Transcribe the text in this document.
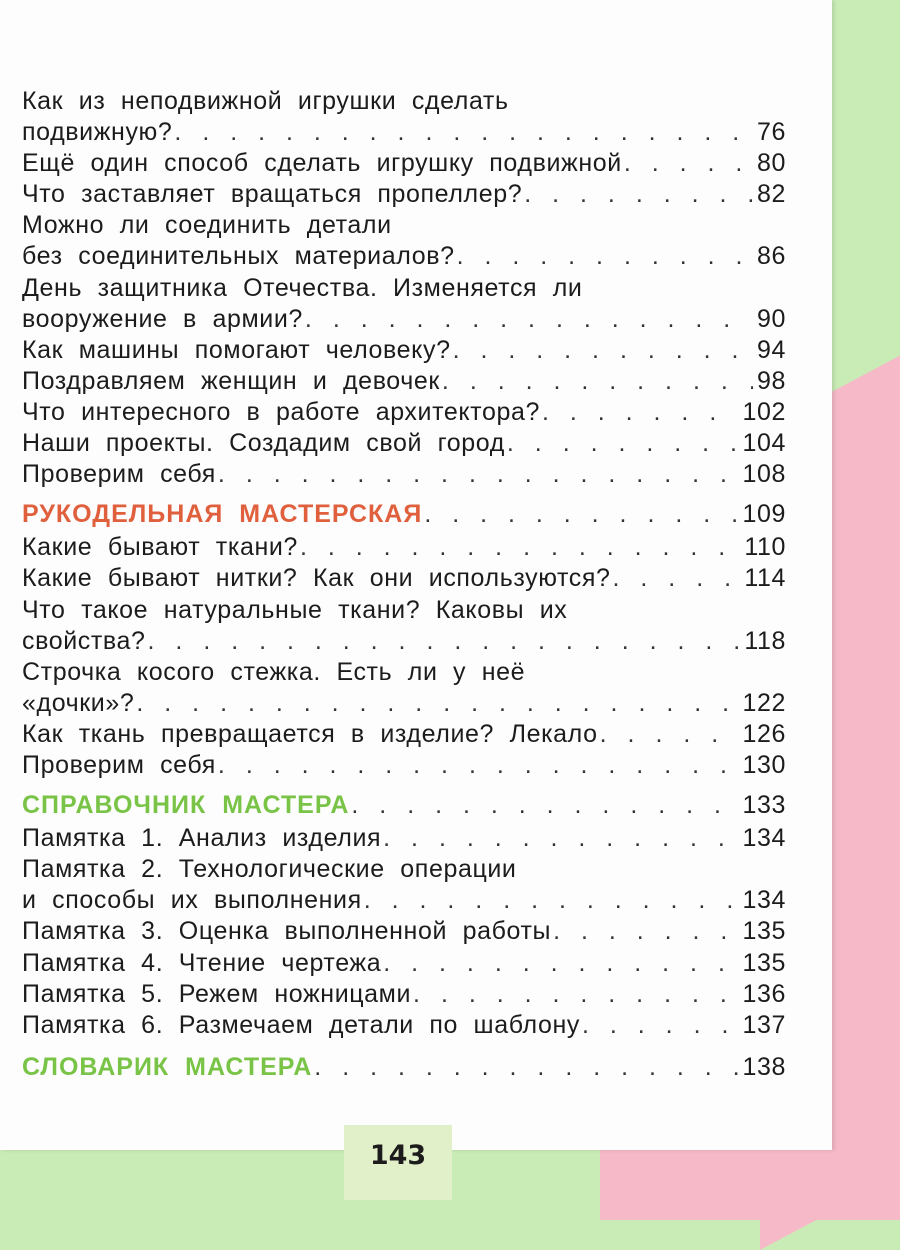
Как из неподвижной игрушки сделать
подвижную? . . .	76
Ещё один способ сделать игрушку подвижной . . .	80
Что заставляет вращаться пропеллер? . . .	82
Можно ли соединить детали
без соединительных материалов? . . .	86
День защитника Отечества. Изменяется ли
вооружение в армии? . . .	90
Как машины помогают человеку? . . .	94
Поздравляем женщин и девочек . . .	98
Что интересного в работе архитектора? . . .	102
Наши проекты. Создадим свой город . . .	104
Проверим себя . . .	108
РУКОДЕЛЬНАЯ МАСТЕРСКАЯ . . .	109
Какие бывают ткани? . . .	110
Какие бывают нитки? Как они используются? . . .	114
Что такое натуральные ткани? Каковы их
свойства? . . .	118
Строчка косого стежка. Есть ли у неё
«дочки»? . . .	122
Как ткань превращается в изделие? Лекало . . .	126
Проверим себя . . .	130
СПРАВОЧНИК МАСТЕРА . . .	133
Памятка 1. Анализ изделия . . .	134
Памятка 2. Технологические операции
и способы их выполнения . . .	134
Памятка 3. Оценка выполненной работы . . .	135
Памятка 4. Чтение чертежа . . .	135
Памятка 5. Режем ножницами . . .	136
Памятка 6. Размечаем детали по шаблону . . .	137
СЛОВАРИК МАСТЕРА . . .	138
143
